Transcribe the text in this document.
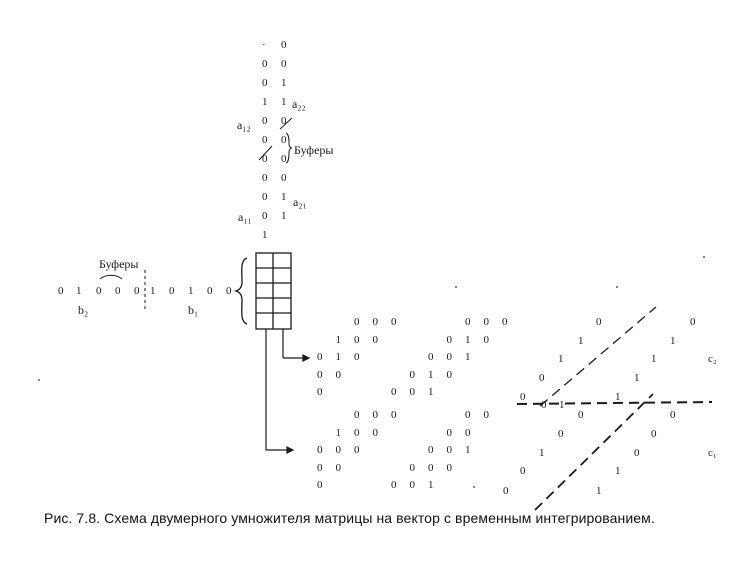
a₂₂
a₁₂
Буферы
a₂₁
a₁₁
Буферы
b₂	b₁
·
0
0
1
0
0
0
0
0
0
1
0
0
1
1
0
0
0
0
1
1
0 1 0 0 0 1 0 1 0 0
0 0 0	0 0 0
1 0 0	0 1 0
0 1 0	0 0 1
0 0	0 1 0
0	0 0 1
0 0 0	0 0
1 0 0	0 0
0 0 0	0 0 1
0 0	0 0 0
0	0 0 1
0	0
1	1
1	1	c₂
0	1
0	1
0	0
0	0
1	0
0	1
0	1
0 1
c₁
Рис. 7.8. Схема двумерного умножителя матрицы на вектор с временным интегрированием.
